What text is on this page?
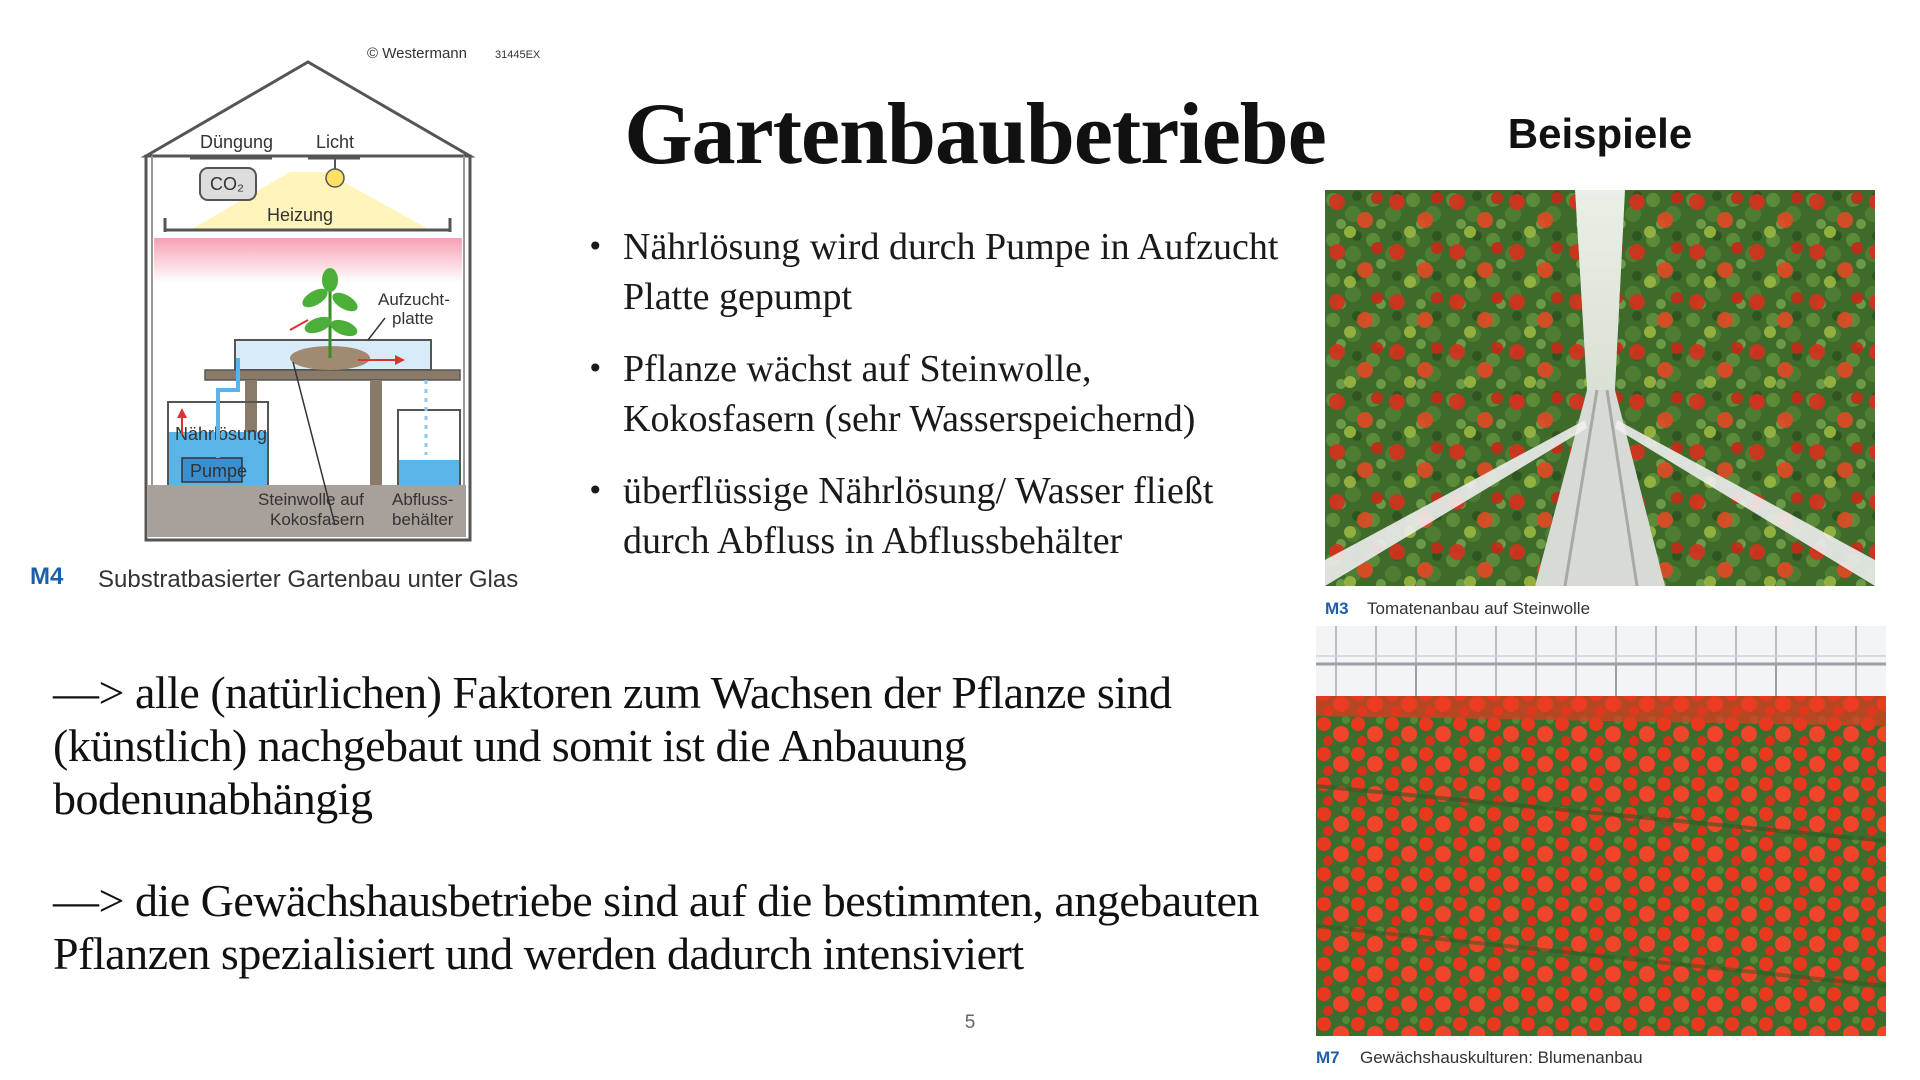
© Westermann	31445EX
Düngung Licht
CO₂
Heizung
Aufzucht-
platte
Nährlösung
Pumpe
Steinwolle auf
Kokosfasern
Abfluss-
behälter
M4 Substratbasierter Gartenbau unter Glas
Gartenbaubetriebe	Beispiele
• Nährlösung wird durch Pumpe in Aufzucht Platte gepumpt
• Pflanze wächst auf Steinwolle, Kokosfasern (sehr Wasserspeichernd)
• überflüssige Nährlösung/ Wasser fließt durch Abfluss in Abflussbehälter
—> alle (natürlichen) Faktoren zum Wachsen der Pflanze sind (künstlich) nachgebaut und somit ist die Anbauung bodenunabhängig
—> die Gewächshausbetriebe sind auf die bestimmten, angebauten Pflanzen spezialisiert und werden dadurch intensiviert
5
M3 Tomatenanbau auf Steinwolle
M7 Gewächshauskulturen: Blumenanbau
